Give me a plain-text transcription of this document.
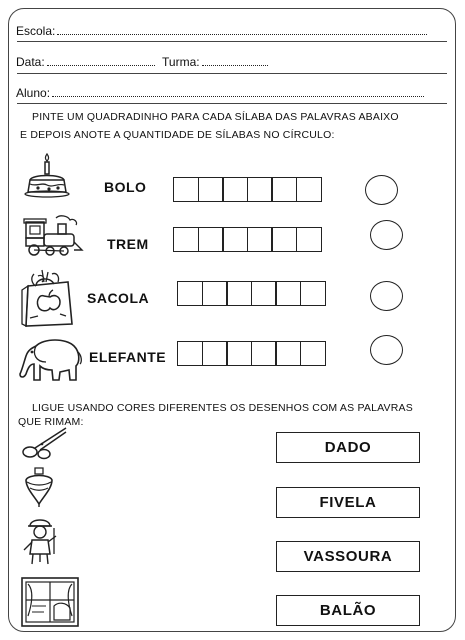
Escola:
Data:	Turma:
Aluno:
PINTE UM QUADRADINHO PARA CADA SÍLABA DAS PALAVRAS ABAIXO
E DEPOIS ANOTE A QUANTIDADE DE SÍLABAS NO CÍRCULO:
BOLO
TREM
SACOLA
ELEFANTE
LIGUE USANDO CORES DIFERENTES OS DESENHOS COM AS PALAVRAS
QUE RIMAM:
DADO
FIVELA
VASSOURA
BALÃO
